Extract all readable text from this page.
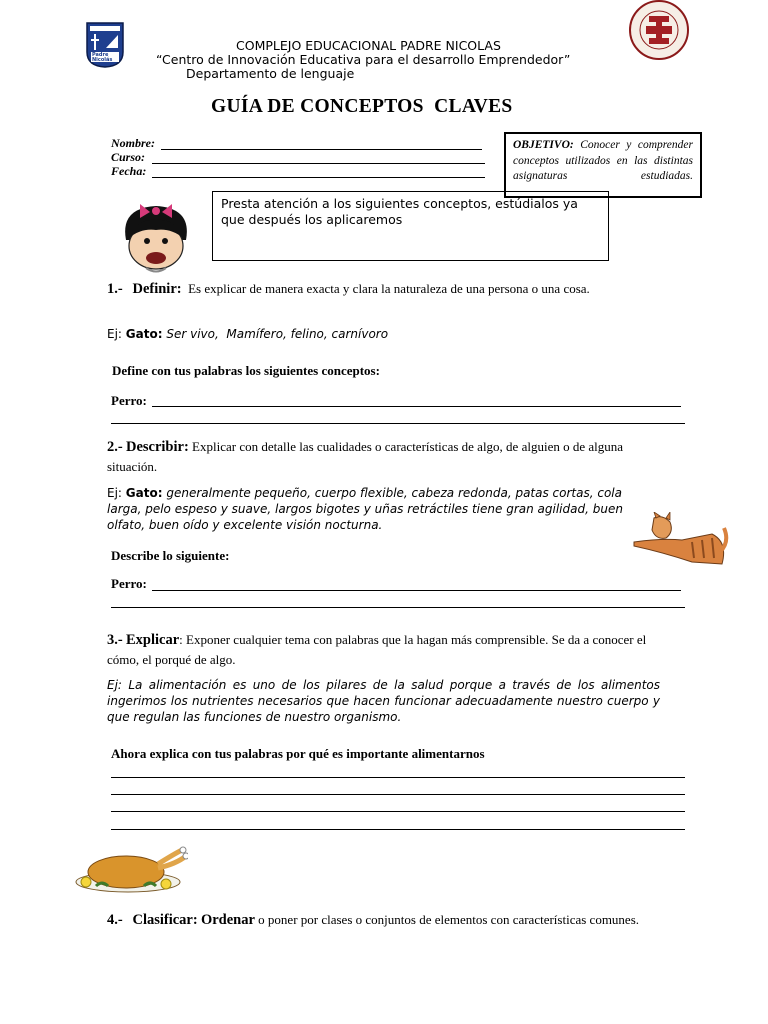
Padre Nicolás
COMPLEJO EDUCACIONAL PADRE NICOLAS
“Centro de Innovación Educativa para el desarrollo Emprendedor”
Departamento de lenguaje
GUÍA DE CONCEPTOS  CLAVES
Nombre:
Curso:
Fecha:
OBJETIVO: Conocer y comprender conceptos utilizados en las distintas asignaturas estudiadas.
Presta atención a los siguientes conceptos, estúdialos ya que después los aplicaremos
1.- Definir: Es explicar de manera exacta y clara la naturaleza de una persona o una cosa.
Ej: Gato: Ser vivo,  Mamífero, felino, carnívoro
Define con tus palabras los siguientes conceptos:
Perro:
2.- Describir: Explicar con detalle las cualidades o características de algo, de alguien o de alguna situación.
Ej: Gato: generalmente pequeño, cuerpo flexible, cabeza redonda, patas cortas, cola larga, pelo espeso y suave, largos bigotes y uñas retráctiles tiene gran agilidad, buen olfato, buen oído y excelente visión nocturna.
Describe lo siguiente:
Perro:
3.- Explicar: Exponer cualquier tema con palabras que la hagan más comprensible. Se da a conocer el cómo, el porqué de algo.
Ej: La alimentación es uno de los pilares de la salud porque a través de los alimentos ingerimos los nutrientes necesarios que hacen funcionar adecuadamente nuestro cuerpo y que regulan las funciones de nuestro organismo.
Ahora explica con tus palabras por qué es importante alimentarnos
4.- Clasificar: Ordenar o poner por clases o conjuntos de elementos con características comunes.
